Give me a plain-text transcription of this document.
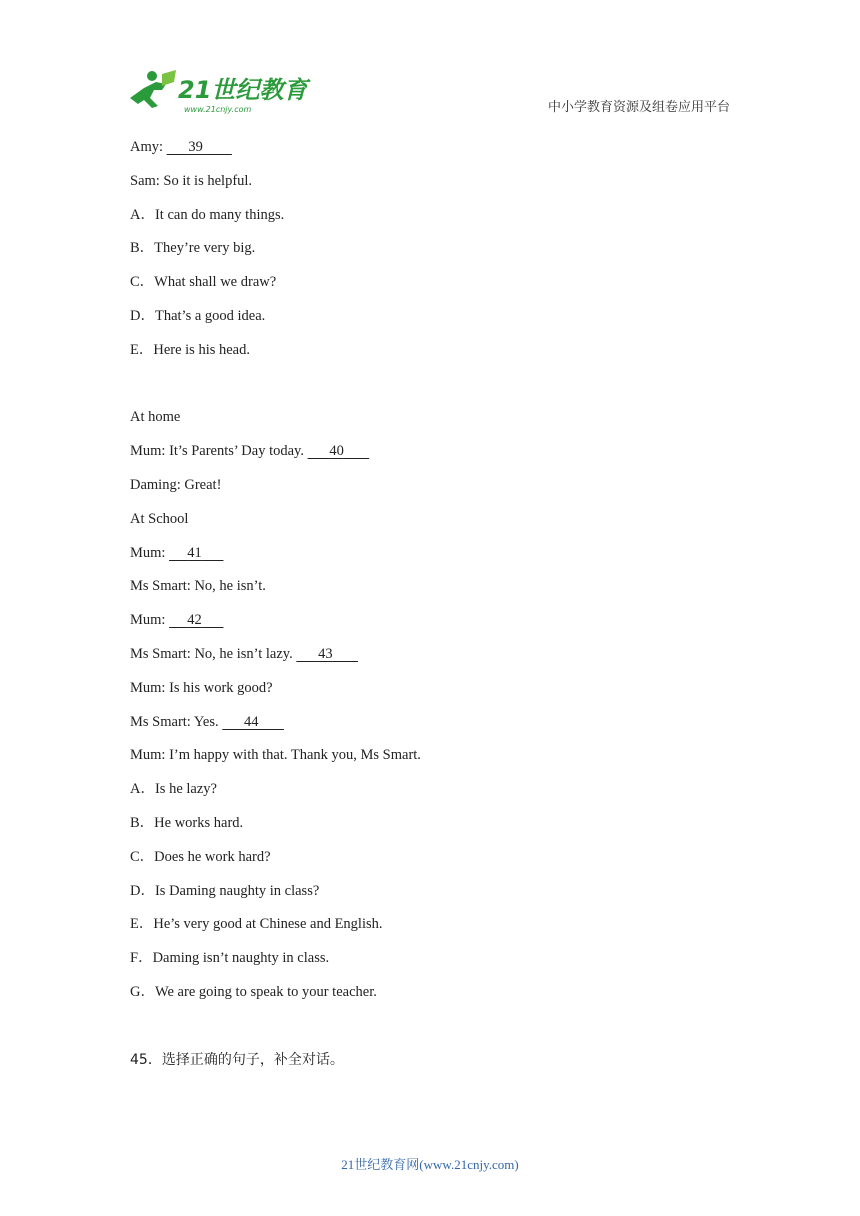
21世纪教育
www.21cnjy.com	中小学教育资源及组卷应用平台
Amy:       39
Sam: So it is helpful.
A．It can do many things.
B．They’re very big.
C．What shall we draw?
D．That’s a good idea.
E．Here is his head.
At home
Mum: It’s Parents’ Day today.       40
Daming: Great!
At School
Mum:      41
Ms Smart: No, he isn’t.
Mum:      42
Ms Smart: No, he isn’t lazy.       43
Mum: Is his work good?
Ms Smart: Yes.       44
Mum: I’m happy with that. Thank you, Ms Smart.
A．Is he lazy?
B．He works hard.
C．Does he work hard?
D．Is Daming naughty in class?
E．He’s very good at Chinese and English.
F．Daming isn’t naughty in class.
G．We are going to speak to your teacher.
45．选择正确的句子，补全对话。
21世纪教育网(www.21cnjy.com)
